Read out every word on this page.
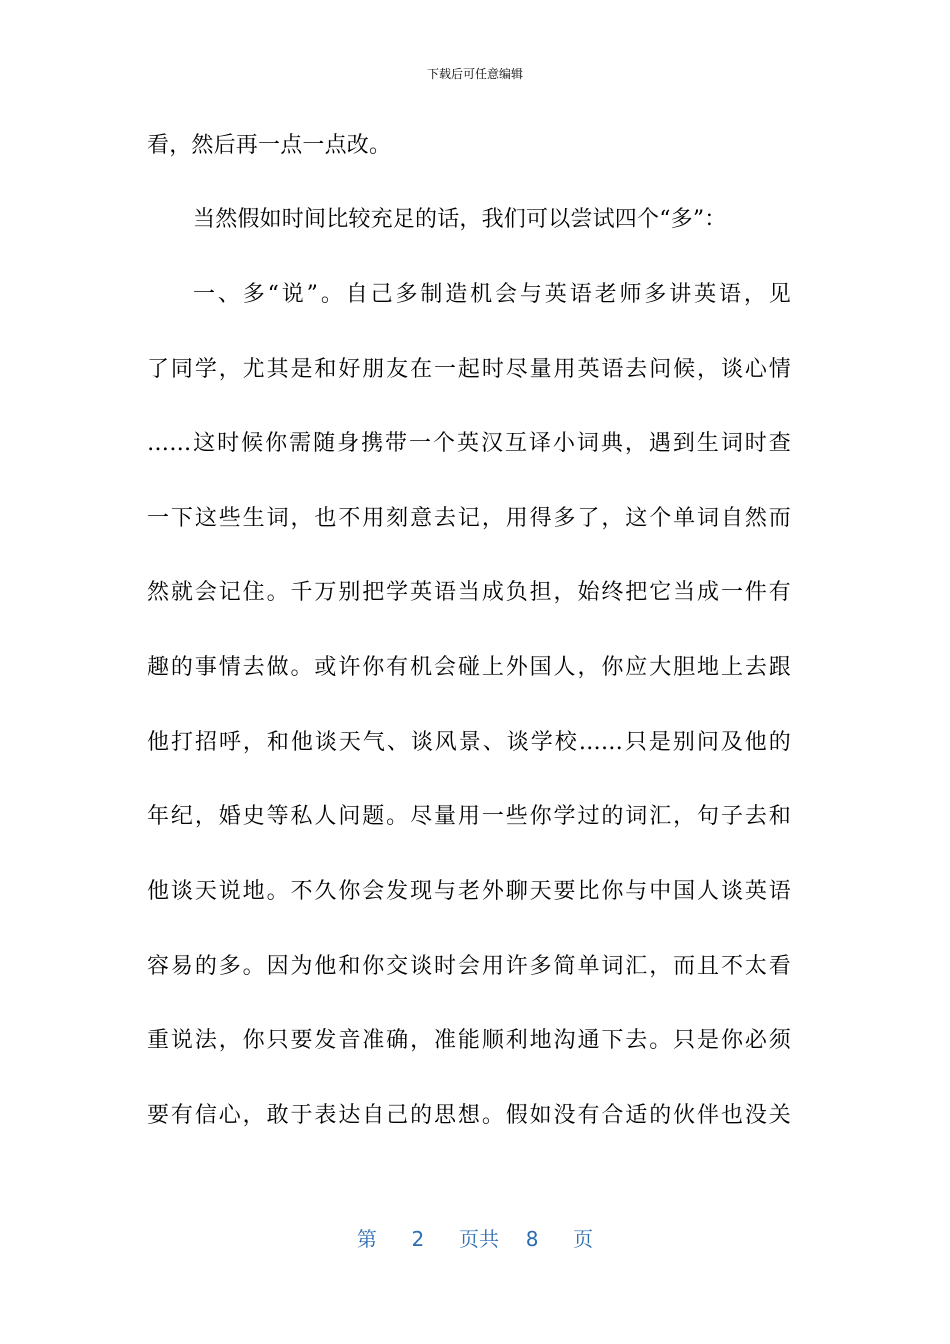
下载后可任意编辑
看，然后再一点一点改。
当然假如时间比较充足的话，我们可以尝试四个“多”：
一、多“说”。自己多制造机会与英语老师多讲英语，见
了同学，尤其是和好朋友在一起时尽量用英语去问候，谈心情
……这时候你需随身携带一个英汉互译小词典，遇到生词时查
一下这些生词，也不用刻意去记，用得多了，这个单词自然而
然就会记住。千万别把学英语当成负担，始终把它当成一件有
趣的事情去做。或许你有机会碰上外国人，你应大胆地上去跟
他打招呼，和他谈天气、谈风景、谈学校……只是别问及他的
年纪，婚史等私人问题。尽量用一些你学过的词汇，句子去和
他谈天说地。不久你会发现与老外聊天要比你与中国人谈英语
容易的多。因为他和你交谈时会用许多简单词汇，而且不太看
重说法，你只要发音准确，准能顺利地沟通下去。只是你必须
要有信心，敢于表达自己的思想。假如没有合适的伙伴也没关
第 2 页共 8 页
